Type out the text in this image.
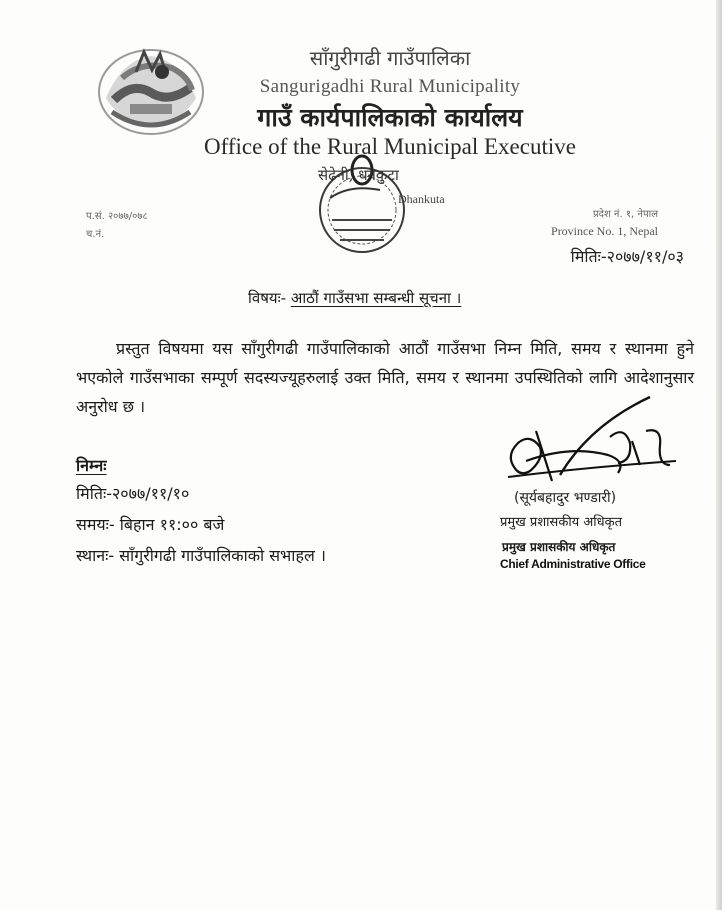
साँगुरीगढी गाउँपालिका
Sangurigadhi Rural Municipality
गाउँ कार्यपालिकाको कार्यालय
Office of the Rural Municipal Executive
सेढेनी, धनकुटा
Dhankuta
प.सं. २०७७/०७८
च.नं.
प्रदेश नं. १, नेपाल
Province No. 1, Nepal
मितिः-२०७७/११/०३
विषयः- आठौं गाउँसभा सम्बन्धी सूचना ।
प्रस्तुत विषयमा यस साँगुरीगढी गाउँपालिकाको आठौं गाउँसभा निम्न मिति, समय र स्थानमा हुने भएकोले गाउँसभाका सम्पूर्ण सदस्यज्यूहरुलाई उक्त मिति, समय र स्थानमा उपस्थितिको लागि आदेशानुसार अनुरोध छ ।
निम्नः
मितिः-२०७७/११/१०
समयः- बिहान ११:०० बजे
स्थानः- साँगुरीगढी गाउँपालिकाको सभाहल ।
(सूर्यबहादुर भण्डारी)
प्रमुख प्रशासकीय अधिकृत
प्रमुख प्रशासकीय अधिकृत
Chief Administrative Office
